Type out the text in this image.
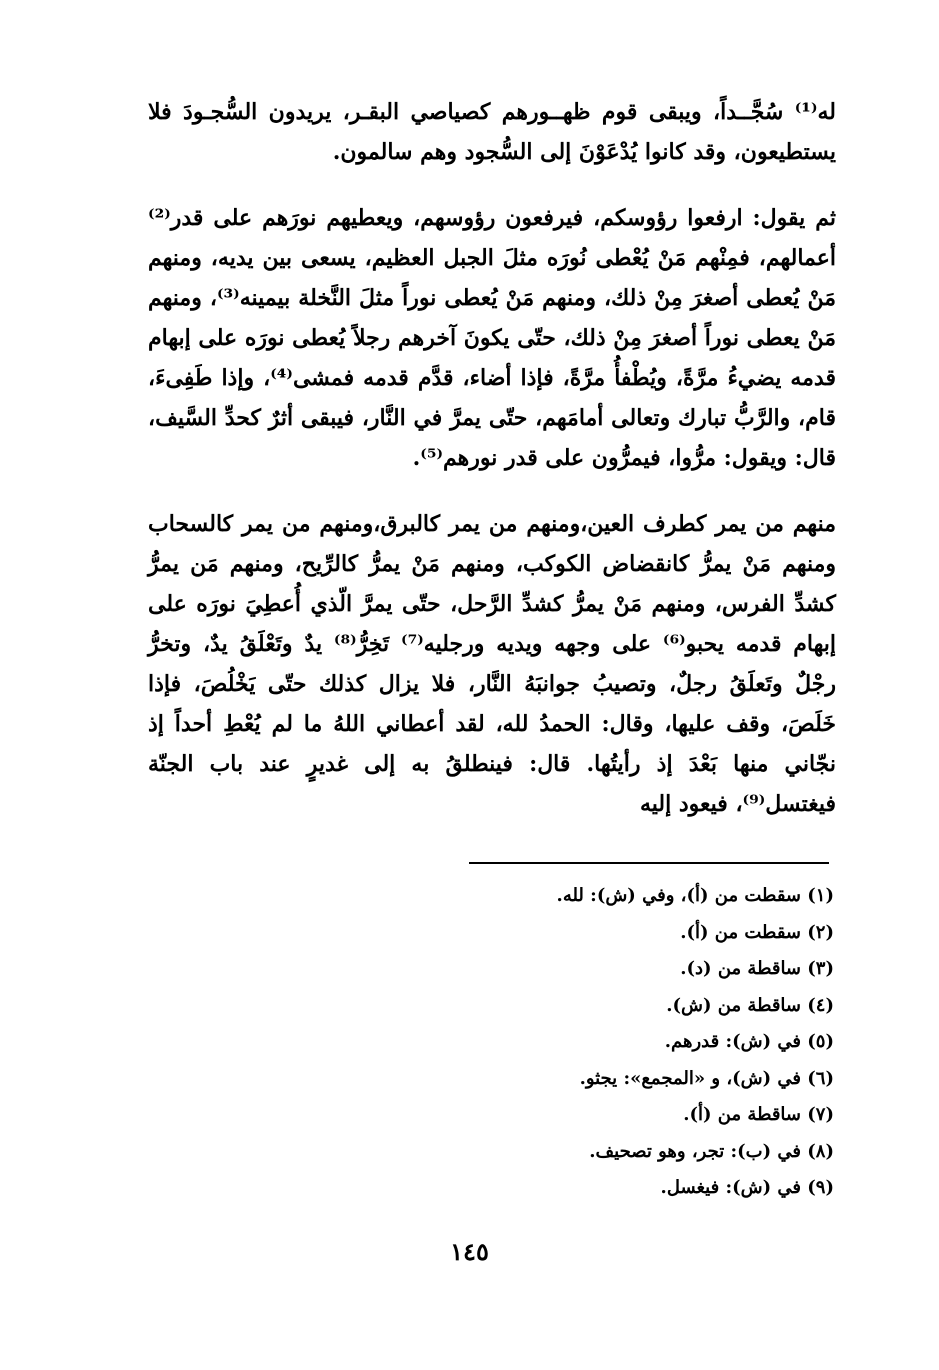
له⁽¹⁾ سُجَّــداً، ويبقى قوم ظهــورهم كصياصي البقـر، يريدون السُّجـودَ فلا يستطيعون، وقد كانوا يُدْعَوْنَ إلى السُّجود وهم سالمون.

ثم يقول: ارفعوا رؤوسكم، فيرفعون رؤوسهم، ويعطيهم نورَهم على قدر⁽²⁾ أعمالهم، فمِنْهم مَنْ يُعْطى نُورَه مثلَ الجبل العظيم، يسعى بين يديه، ومنهم مَنْ يُعطى أصغرَ مِنْ ذلك، ومنهم مَنْ يُعطى نوراً مثلَ النَّخلة بيمينه⁽³⁾، ومنهم مَنْ يعطى نوراً أصغرَ مِنْ ذلك، حتّى يكونَ آخرهم رجلاً يُعطى نورَه على إبهام قدمه يضيءُ مرَّةً، ويُطْفأُ مرَّةً، فإذا أضاء، قدَّم قدمه فمشى⁽⁴⁾، وإذا طَفِىءَ، قام، والرَّبُّ تبارك وتعالى أمامَهم، حتّى يمرَّ في النَّار، فيبقى أثرٌ كحدِّ السَّيف، قال: ويقول: مرُّوا، فيمرُّون على قدر نورهم⁽⁵⁾.

منهم من يمر كطرف العين،ومنهم من يمر كالبرق،ومنهم من يمر كالسحاب ومنهم مَنْ يمرُّ كانقضاض الكوكب، ومنهم مَنْ يمرُّ كالرِّيح، ومنهم مَن يمرُّ كشدِّ الفرس، ومنهم مَنْ يمرُّ كشدِّ الرَّحل، حتّى يمرَّ الّذي أُعطِيَ نورَه على إبهام قدمه يحبو⁽⁶⁾ على وجهه ويديه ورجليه⁽⁷⁾ تَخِرُّ⁽⁸⁾ يدٌ وتَعْلَقُ يدٌ، وتخرُّ رجْلٌ وتَعلَقُ رجلٌ، وتصيبُ جوانبَهُ النَّار، فلا يزال كذلك حتّى يَخْلُصَ، فإذا خَلَصَ، وقف عليها، وقال: الحمدُ لله، لقد أعطاني اللهُ ما لم يُعْطِ أحداً إذ نجّاني منها بَعْدَ إذ رأيتُها. قال: فينطلقُ به إلى غديرٍ عند باب الجنّة فيغتسل⁽⁹⁾، فيعود إليه

(١) سقطت من (أ)، وفي (ش): لله.
(٢) سقطت من (أ).
(٣) ساقطة من (د).
(٤) ساقطة من (ش).
(٥) في (ش): قدرهم.
(٦) في (ش)، و «المجمع»: يجثو.
(٧) ساقطة من (أ).
(٨) في (ب): تجر، وهو تصحيف.
(٩) في (ش): فيغسل.
١٤٥
